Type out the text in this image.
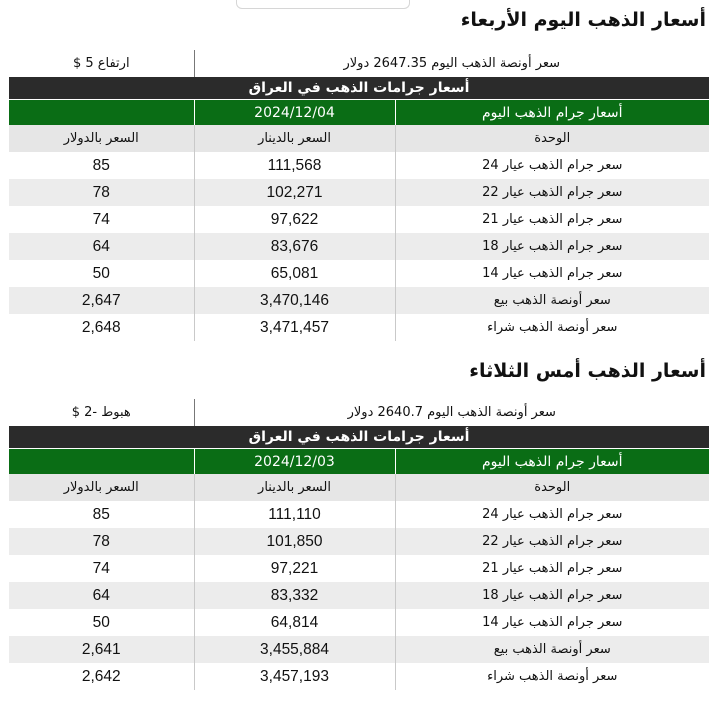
أسعار الذهب اليوم الأربعاء
سعر أونصة الذهب اليوم 2647.35 دولار		ارتفاع 5 $
أسعار جرامات الذهب في العراق		
أسعار جرام الذهب اليوم	2024/12/04	
الوحدة	السعر بالدينار	السعر بالدولار
سعر جرام الذهب عيار 24	111,568	85
سعر جرام الذهب عيار 22	102,271	78
سعر جرام الذهب عيار 21	97,622	74
سعر جرام الذهب عيار 18	83,676	64
سعر جرام الذهب عيار 14	65,081	50
سعر أونصة الذهب بيع	3,470,146	2,647
سعر أونصة الذهب شراء	3,471,457	2,648
أسعار الذهب أمس الثلاثاء
سعر أونصة الذهب اليوم 2640.7 دولار		هبوط -2 $
أسعار جرامات الذهب في العراق		
أسعار جرام الذهب اليوم	2024/12/03	
الوحدة	السعر بالدينار	السعر بالدولار
سعر جرام الذهب عيار 24	111,110	85
سعر جرام الذهب عيار 22	101,850	78
سعر جرام الذهب عيار 21	97,221	74
سعر جرام الذهب عيار 18	83,332	64
سعر جرام الذهب عيار 14	64,814	50
سعر أونصة الذهب بيع	3,455,884	2,641
سعر أونصة الذهب شراء	3,457,193	2,642
